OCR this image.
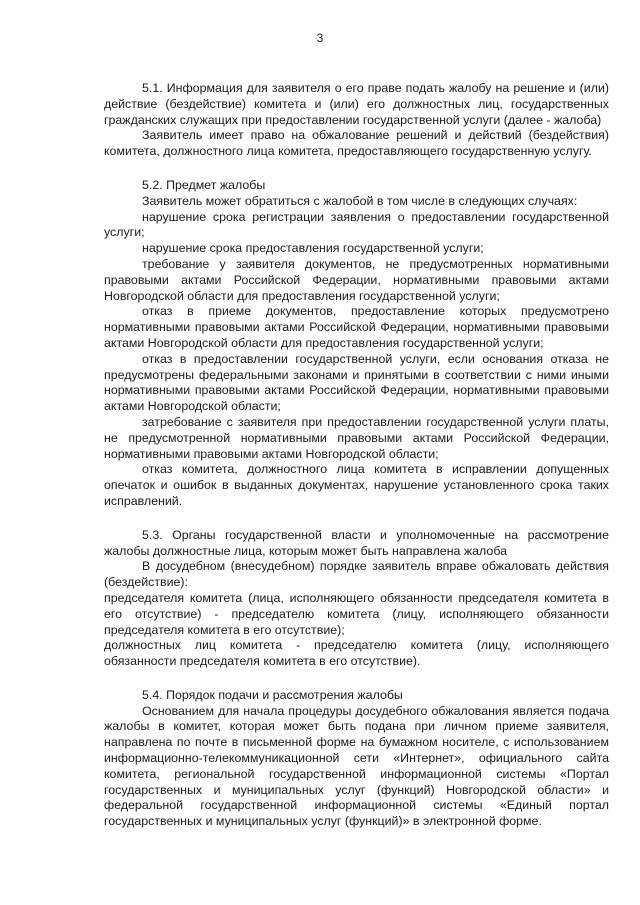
3

5.1. Информация для заявителя о его праве подать жалобу на решение и (или) действие (бездействие) комитета и (или) его должностных лиц, государственных гражданских служащих при предоставлении государственной услуги (далее - жалоба)

Заявитель имеет право на обжалование решений и действий (бездействия) комитета, должностного лица комитета, предоставляющего государственную услугу.

5.2. Предмет жалобы

Заявитель может обратиться с жалобой в том числе в следующих случаях:

нарушение срока регистрации заявления о предоставлении государственной услуги;

нарушение срока предоставления государственной услуги;

требование у заявителя документов, не предусмотренных нормативными правовыми актами Российской Федерации, нормативными правовыми актами Новгородской области для предоставления государственной услуги;

отказ в приеме документов, предоставление которых предусмотрено нормативными правовыми актами Российской Федерации, нормативными правовыми актами Новгородской области для предоставления государственной услуги;

отказ в предоставлении государственной услуги, если основания отказа не предусмотрены федеральными законами и принятыми в соответствии с ними иными нормативными правовыми актами Российской Федерации, нормативными правовыми актами Новгородской области;

затребование с заявителя при предоставлении государственной услуги платы, не предусмотренной нормативными правовыми актами Российской Федерации, нормативными правовыми актами Новгородской области;

отказ комитета, должностного лица комитета в исправлении допущенных опечаток и ошибок в выданных документах, нарушение установленного срока таких исправлений.

5.3. Органы государственной власти и уполномоченные на рассмотрение жалобы должностные лица, которым может быть направлена жалоба

В досудебном (внесудебном) порядке заявитель вправе обжаловать действия (бездействие):

председателя комитета (лица, исполняющего обязанности председателя комитета в его отсутствие) - председателю комитета (лицу, исполняющего обязанности председателя комитета в его отсутствие);

должностных лиц комитета - председателю комитета (лицу, исполняющего обязанности председателя комитета в его отсутствие).

5.4. Порядок подачи и рассмотрения жалобы

Основанием для начала процедуры досудебного обжалования является подача жалобы в комитет, которая может быть подана при личном приеме заявителя, направлена по почте в письменной форме на бумажном носителе, с использованием информационно-телекоммуникационной сети «Интернет», официального сайта комитета, региональной государственной информационной системы «Портал государственных и муниципальных услуг (функций) Новгородской области» и федеральной государственной информационной системы «Единый портал государственных и муниципальных услуг (функций)» в электронной форме.
